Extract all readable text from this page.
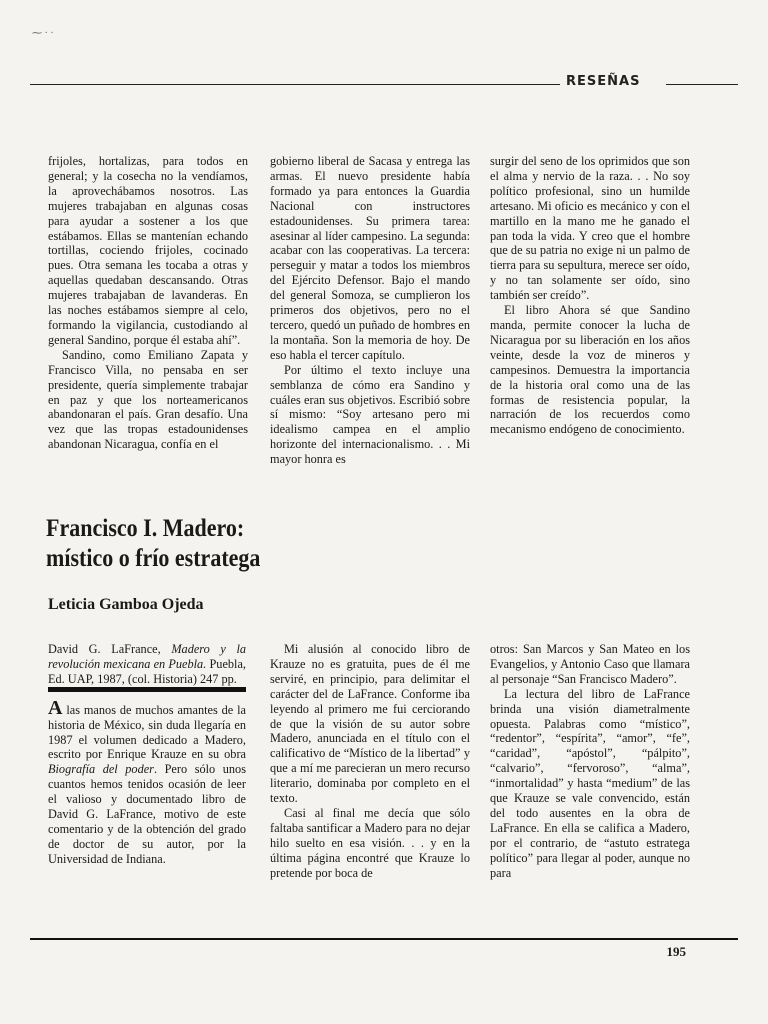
⁓ · ·
RESEÑAS

frijoles, hortalizas, para todos en general; y la cosecha no la vendíamos, la aprovechábamos nosotros. Las mujeres trabajaban en algunas cosas para ayudar a sostener a los que estábamos. Ellas se mantenían echando tortillas, cociendo frijoles, cocinado pues. Otra semana les tocaba a otras y aquellas quedaban descansando. Otras mujeres trabajaban de lavanderas. En las noches estábamos siempre al celo, formando la vigilancia, custodiando al general Sandino, porque él estaba ahí”.

Sandino, como Emiliano Zapata y Francisco Villa, no pensaba en ser presidente, quería simplemente trabajar en paz y que los norteamericanos abandonaran el país. Gran desafío. Una vez que las tropas estadounidenses abandonan Nicaragua, confía en el

gobierno liberal de Sacasa y entrega las armas. El nuevo presidente había formado ya para entonces la Guardia Nacional con instructores estadounidenses. Su primera tarea: asesinar al líder campesino. La segunda: acabar con las cooperativas. La tercera: perseguir y matar a todos los miembros del Ejército Defensor. Bajo el mando del general Somoza, se cumplieron los primeros dos objetivos, pero no el tercero, quedó un puñado de hombres en la montaña. Son la memoria de hoy. De eso habla el tercer capítulo.

Por último el texto incluye una semblanza de cómo era Sandino y cuáles eran sus objetivos. Escribió sobre sí mismo: “Soy artesano pero mi idealismo campea en el amplio horizonte del internacionalismo. . . Mi mayor honra es

surgir del seno de los oprimidos que son el alma y nervio de la raza. . . No soy político profesional, sino un humilde artesano. Mi oficio es mecánico y con el martillo en la mano me he ganado el pan toda la vida. Y creo que el hombre que de su patria no exige ni un palmo de tierra para su sepultura, merece ser oído, y no tan solamente ser oído, sino también ser creído”.

El libro Ahora sé que Sandino manda, permite conocer la lucha de Nicaragua por su liberación en los años veinte, desde la voz de mineros y campesinos. Demuestra la importancia de la historia oral como una de las formas de resistencia popular, la narración de los recuerdos como mecanismo endógeno de conocimiento.

Francisco I. Madero:
místico o frío estratega
Leticia Gamboa Ojeda

David G. LaFrance, Madero y la revolución mexicana en Puebla. Puebla, Ed. UAP, 1987, (col. Historia) 247 pp.

A las manos de muchos amantes de la historia de México, sin duda llegaría en 1987 el volumen dedicado a Madero, escrito por Enrique Krauze en su obra Biografía del poder. Pero sólo unos cuantos hemos tenidos ocasión de leer el valioso y documentado libro de David G. LaFrance, motivo de este comentario y de la obtención del grado de doctor de su autor, por la Universidad de Indiana.

Mi alusión al conocido libro de Krauze no es gratuita, pues de él me serviré, en principio, para delimitar el carácter del de LaFrance. Conforme iba leyendo al primero me fui cerciorando de que la visión de su autor sobre Madero, anunciada en el título con el calificativo de “Místico de la libertad” y que a mí me parecieran un mero recurso literario, dominaba por completo en el texto.

Casi al final me decía que sólo faltaba santificar a Madero para no dejar hilo suelto en esa visión. . . y en la última página encontré que Krauze lo pretende por boca de

otros: San Marcos y San Mateo en los Evangelios, y Antonio Caso que llamara al personaje “San Francisco Madero”.

La lectura del libro de LaFrance brinda una visión diametralmente opuesta. Palabras como “místico”, “redentor”, “espírita”, “amor”, “fe”, “caridad”, “apóstol”, “pálpito”, “calvario”, “fervoroso”, “alma”, “inmortalidad” y hasta “medium” de las que Krauze se vale convencido, están del todo ausentes en la obra de LaFrance. En ella se califica a Madero, por el contrario, de “astuto estratega político” para llegar al poder, aunque no para

195
